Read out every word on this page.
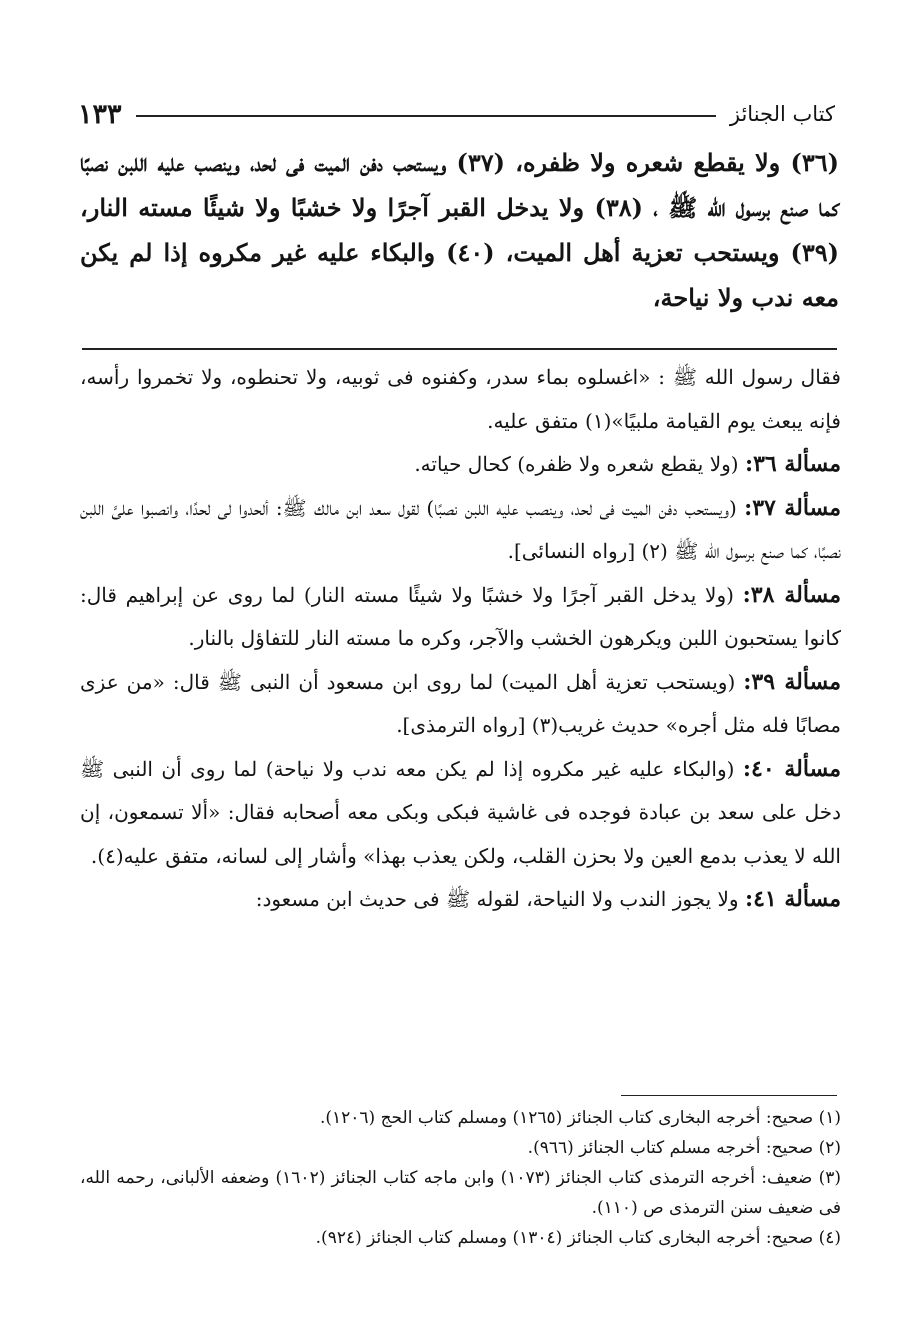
١٣٣	كتاب الجنائز
(٣٦) ولا يقطع شعره ولا ظفره، (٣٧) ويستحب دفن الميت فى لحد، وينصب عليه اللبن نصبًا كما صنع برسول الله ﷺ ، (٣٨) ولا يدخل القبر آجرًا ولا خشبًا ولا شيئًا مسته النار، (٣٩) ويستحب تعزية أهل الميت، (٤٠) والبكاء عليه غير مكروه إذا لم يكن معه ندب ولا نياحة،

فقال رسول الله ﷺ : «اغسلوه بماء سدر، وكفنوه فى ثوبيه، ولا تحنطوه، ولا تخمروا رأسه، فإنه يبعث يوم القيامة ملبيًا»(١) متفق عليه.

مسألة ٣٦: (ولا يقطع شعره ولا ظفره) كحال حياته.

مسألة ٣٧: (ويستحب دفن الميت فى لحد، وينصب عليه اللبن نصبًا) لقول سعد ابن مالك ﷺ: ألحدوا لى لحدًا، وانصبوا علىَّ اللبن نصبًا، كما صنع برسول الله ﷺ (٢) [رواه النسائى].

مسألة ٣٨: (ولا يدخل القبر آجرًا ولا خشبًا ولا شيئًا مسته النار) لما روى عن إبراهيم قال: كانوا يستحبون اللبن ويكرهون الخشب والآجر، وكره ما مسته النار للتفاؤل بالنار.

مسألة ٣٩: (ويستحب تعزية أهل الميت) لما روى ابن مسعود أن النبى ﷺ قال: «من عزى مصابًا فله مثل أجره» حديث غريب(٣) [رواه الترمذى].

مسألة ٤٠: (والبكاء عليه غير مكروه إذا لم يكن معه ندب ولا نياحة) لما روى أن النبى ﷺ دخل على سعد بن عبادة فوجده فى غاشية فبكى وبكى معه أصحابه فقال: «ألا تسمعون، إن الله لا يعذب بدمع العين ولا بحزن القلب، ولكن يعذب بهذا» وأشار إلى لسانه، متفق عليه(٤).

مسألة ٤١: ولا يجوز الندب ولا النياحة، لقوله ﷺ فى حديث ابن مسعود:

(١) صحيح: أخرجه البخارى كتاب الجنائز (١٢٦٥) ومسلم كتاب الحج (١٢٠٦).

(٢) صحيح: أخرجه مسلم كتاب الجنائز (٩٦٦).

(٣) ضعيف: أخرجه الترمذى كتاب الجنائز (١٠٧٣) وابن ماجه كتاب الجنائز (١٦٠٢) وضعفه الألبانى، رحمه الله، فى ضعيف سنن الترمذى ص (١١٠).

(٤) صحيح: أخرجه البخارى كتاب الجنائز (١٣٠٤) ومسلم كتاب الجنائز (٩٢٤).
